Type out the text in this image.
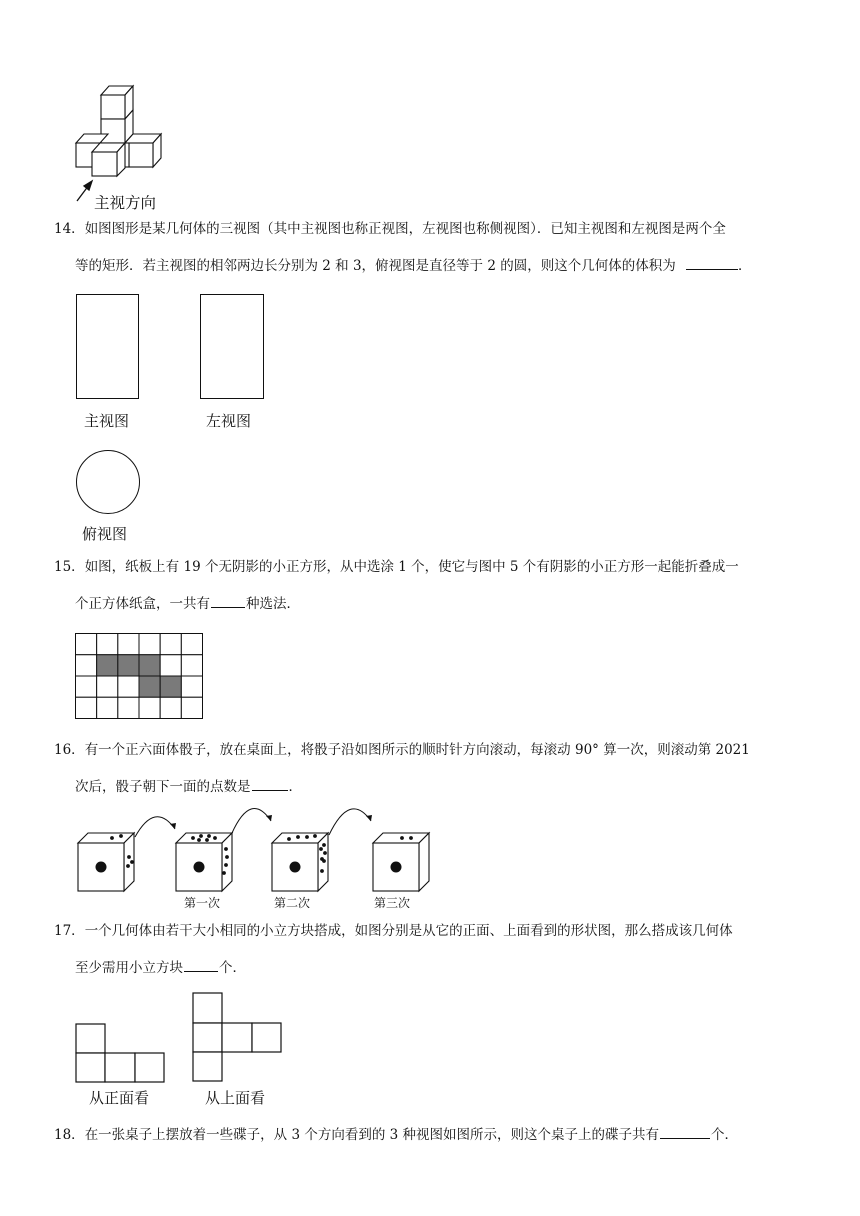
主视方向
14．如图图形是某几何体的三视图（其中主视图也称正视图，左视图也称侧视图）．已知主视图和左视图是两个全
等的矩形．若主视图的相邻两边长分别为 2 和 3，俯视图是直径等于 2 的圆，则这个几何体的体积为	．
主视图	左视图
俯视图
15．如图，纸板上有 19 个无阴影的小正方形，从中选涂 1 个，使它与图中 5 个有阴影的小正方形一起能折叠成一
个正方体纸盒，一共有	种选法．
16．有一个正六面体骰子，放在桌面上，将骰子沿如图所示的顺时针方向滚动，每滚动 90° 算一次，则滚动第 2021
次后，骰子朝下一面的点数是	．
第一次	第二次	第三次
17．一个几何体由若干大小相同的小立方块搭成，如图分别是从它的正面、上面看到的形状图，那么搭成该几何体
至少需用小立方块	个．
从正面看	从上面看
18．在一张桌子上摆放着一些碟子，从 3 个方向看到的 3 种视图如图所示，则这个桌子上的碟子共有	个．
